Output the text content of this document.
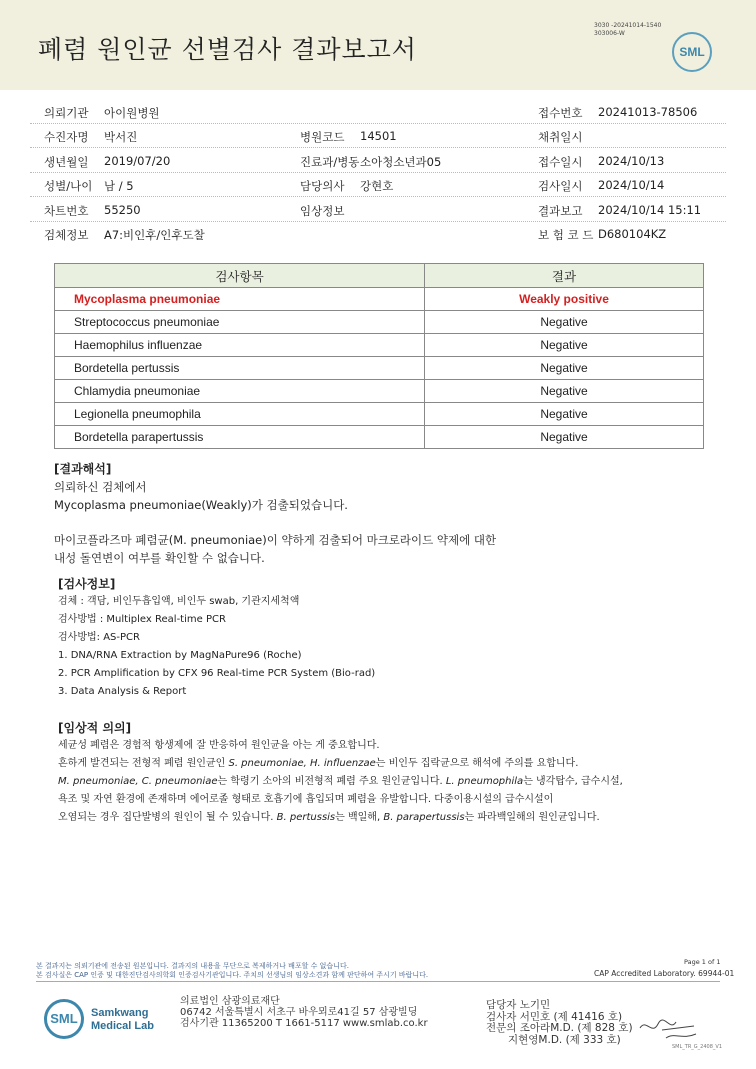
폐렴 원인균 선별검사 결과보고서
3030 -20241014-1540
303006-W
SML
의뢰기관 아이원병원	접수번호 20241013-78506
수진자명 박서진	병원코드 14501	채취일시
생년월일 2019/07/20	진료과/병동 소아청소년과05	접수일시 2024/10/13
성별/나이 남 / 5	담당의사 강현호	검사일시 2024/10/14
차트번호 55250	임상정보	결과보고 2024/10/14 15:11
검체정보 A7:비인후/인후도찰	보 험 코 드 D680104KZ
검사항목	결과
Mycoplasma pneumoniae	Weakly positive
Streptococcus pneumoniae	Negative
Haemophilus influenzae	Negative
Bordetella pertussis	Negative
Chlamydia pneumoniae	Negative
Legionella pneumophila	Negative
Bordetella parapertussis	Negative
[결과해석]
의뢰하신 검체에서
Mycoplasma pneumoniae(Weakly)가 검출되었습니다.
마이코플라즈마 폐렴균(M. pneumoniae)이 약하게 검출되어 마크로라이드 약제에 대한
내성 돌연변이 여부를 확인할 수 없습니다.
[검사정보]
검체 : 객담, 비인두흡입액, 비인두 swab, 기관지세척액
검사방법 : Multiplex Real-time PCR
검사방법: AS-PCR
1. DNA/RNA Extraction by MagNaPure96 (Roche)
2. PCR Amplification by CFX 96 Real-time PCR System (Bio-rad)
3. Data Analysis & Report
[임상적 의의]
세균성 폐렴은 경험적 항생제에 잘 반응하여 원인균을 아는 게 중요합니다.
흔하게 발견되는 전형적 폐렴 원인균인 S. pneumoniae, H. influenzae는 비인두 집락균으로 해석에 주의를 요합니다.
M. pneumoniae, C. pneumoniae는 학령기 소아의 비전형적 폐렴 주요 원인균입니다. L. pneumophila는 냉각탑수, 급수시설,
욕조 및 자연 환경에 존재하며 에어로졸 형태로 호흡기에 흡입되며 폐렴을 유발합니다. 다중이용시설의 급수시설이
오염되는 경우 집단발병의 원인이 될 수 있습니다. B. pertussis는 백일해, B. parapertussis는 파라백일해의 원인균입니다.
Page 1 of 1
본 결과지는 의뢰기관에 전송된 원본입니다. 결과지의 내용을 무단으로 복제하거나 배포할 수 없습니다.
본 검사실은 CAP 인증 및 대한진단검사의학회 인증검사기관입니다. 주치의 선생님의 임상소견과 함께 판단하여 주시기 바랍니다.	CAP Accredited Laboratory. 69944-01
SML Samkwang
Medical Lab
의료법인 삼광의료재단
06742 서울특별시 서초구 바우뫼로41길 57 삼광빌딩
검사기관 11365200 T 1661-5117 www.smlab.co.kr
담당자 노기민
검사자 서민호 (제 41416 호)
전문의 조아라M.D. (제 828 호)
지현영M.D. (제 333 호)
SML_TR_G_2408_V1
